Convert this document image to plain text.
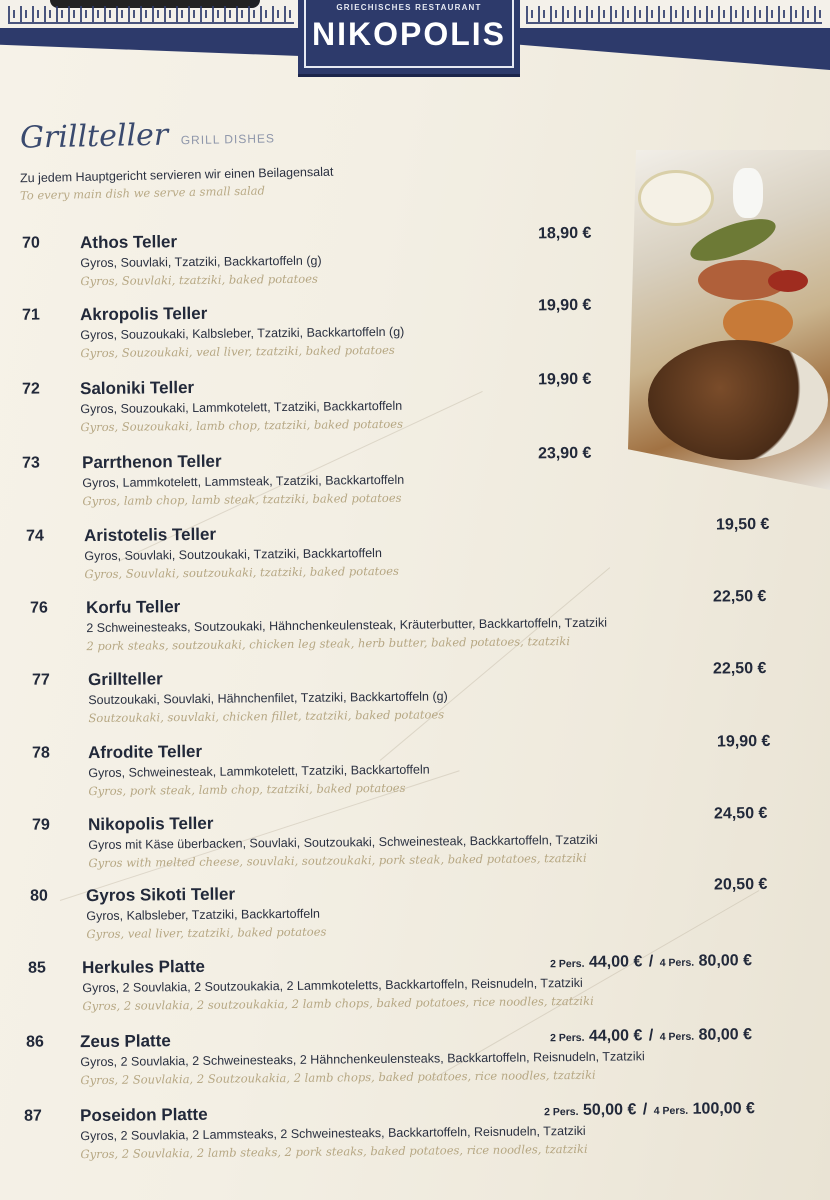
GRIECHISCHES RESTAURANT
NIKOPOLIS
Grillteller GRILL DISHES
Zu jedem Hauptgericht servieren wir einen Beilagensalat
To every main dish we serve a small salad
70 Athos Teller
Gyros, Souvlaki, Tzatziki, Backkartoffeln (g)
Gyros, Souvlaki, tzatziki, baked potatoes
18,90 €
71 Akropolis Teller
Gyros, Souzoukaki, Kalbsleber, Tzatziki, Backkartoffeln (g)
Gyros, Souzoukaki, veal liver, tzatziki, baked potatoes
19,90 €
72 Saloniki Teller
Gyros, Souzoukaki, Lammkotelett, Tzatziki, Backkartoffeln
Gyros, Souzoukaki, lamb chop, tzatziki, baked potatoes
19,90 €
73 Parrthenon Teller
Gyros, Lammkotelett, Lammsteak, Tzatziki, Backkartoffeln
Gyros, lamb chop, lamb steak, tzatziki, baked potatoes
23,90 €
74 Aristotelis Teller
Gyros, Souvlaki, Soutzoukaki, Tzatziki, Backkartoffeln
Gyros, Souvlaki, soutzoukaki, tzatziki, baked potatoes
19,50 €
76 Korfu Teller
2 Schweinesteaks, Soutzoukaki, Hähnchenkeulensteak, Kräuterbutter, Backkartoffeln, Tzatziki
2 pork steaks, soutzoukaki, chicken leg steak, herb butter, baked potatoes, tzatziki
22,50 €
77 Grillteller
Soutzoukaki, Souvlaki, Hähnchenfilet, Tzatziki, Backkartoffeln (g)
Soutzoukaki, souvlaki, chicken fillet, tzatziki, baked potatoes
22,50 €
78 Afrodite Teller
Gyros, Schweinesteak, Lammkotelett, Tzatziki, Backkartoffeln
Gyros, pork steak, lamb chop, tzatziki, baked potatoes
19,90 €
79 Nikopolis Teller
Gyros mit Käse überbacken, Souvlaki, Soutzoukaki, Schweinesteak, Backkartoffeln, Tzatziki
Gyros with melted cheese, souvlaki, soutzoukaki, pork steak, baked potatoes, tzatziki
24,50 €
80 Gyros Sikoti Teller
Gyros, Kalbsleber, Tzatziki, Backkartoffeln
Gyros, veal liver, tzatziki, baked potatoes
20,50 €
85 Herkules Platte
Gyros, 2 Souvlakia, 2 Soutzoukakia, 2 Lammkoteletts, Backkartoffeln, Reisnudeln, Tzatziki
Gyros, 2 souvlakia, 2 soutzoukakia, 2 lamb chops, baked potatoes, rice noodles, tzatziki
2 Pers. 44,00 € / 4 Pers. 80,00 €
86 Zeus Platte
Gyros, 2 Souvlakia, 2 Schweinesteaks, 2 Hähnchenkeulensteaks, Backkartoffeln, Reisnudeln, Tzatziki
Gyros, 2 Souvlakia, 2 Soutzoukakia, 2 lamb chops, baked potatoes, rice noodles, tzatziki
2 Pers. 44,00 € / 4 Pers. 80,00 €
87 Poseidon Platte
Gyros, 2 Souvlakia, 2 Lammsteaks, 2 Schweinesteaks, Backkartoffeln, Reisnudeln, Tzatziki
Gyros, 2 Souvlakia, 2 lamb steaks, 2 pork steaks, baked potatoes, rice noodles, tzatziki
2 Pers. 50,00 € / 4 Pers. 100,00 €
